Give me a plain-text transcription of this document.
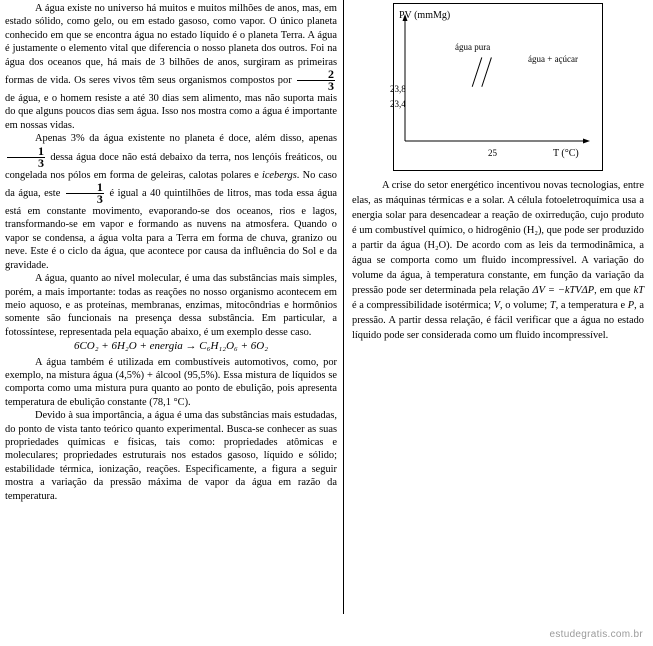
A água existe no universo há muitos e muitos milhões de anos, mas, em estado sólido, como gelo, ou em estado gasoso, como vapor. O único planeta conhecido em que se encontra água no estado líquido é o planeta Terra. A água é justamente o elemento vital que diferencia o nosso planeta dos outros. Foi na água dos oceanos que, há mais de 3 bilhões de anos, surgiram as primeiras formas de vida. Os seres vivos têm seus organismos compostos por $\frac{2}{3}$
de água, e o homem resiste a até 30 dias sem alimento, mas não suporta mais do que alguns poucos dias sem água. Isso nos mostra como a água é importante em nossas vidas.

Apenas 3% da água existente no planeta é doce, além disso, apenas
$\frac{1}{3}$ dessa água doce não está debaixo da terra, nos lençóis freáticos, ou congelada nos pólos em forma de geleiras, calotas polares e icebergs. No caso da água, este $\frac{1}{3}$ é igual a 40 quintilhões de litros, mas toda essa água está em constante movimento, evaporando-se dos oceanos, rios e lagos, transformando-se em vapor e formando as nuvens na atmosfera. Quando o vapor se condensa, a água volta para a Terra em forma de chuva, granizo ou neve. Este é o ciclo da água, que acontece por causa da influência do Sol e da gravidade.

A água, quanto ao nível molecular, é uma das substâncias mais simples, porém, a mais importante: todas as reações no nosso organismo acontecem em meio aquoso, e as proteínas, membranas, enzimas, mitocôndrias e hormônios somente são funcionais na presença dessa substância. Em particular, a fotossíntese, representada pela equação abaixo, é um exemplo desse caso.

6CO₂ + 6H₂O + energia → C₆H₁₂O₆ + 6O₂

A água também é utilizada em combustíveis automotivos, como, por exemplo, na mistura água (4,5%) + álcool (95,5%). Essa mistura de líquidos se comporta como uma mistura pura quanto ao ponto de ebulição, pois apresenta temperatura de ebulição constante (78,1 °C).

Devido à sua importância, a água é uma das substâncias mais estudadas, do ponto de vista tanto teórico quanto experimental. Busca-se conhecer as suas propriedades químicas e físicas, tais como: propriedades atômicas e moleculares; propriedades estruturais nos estados gasoso, líquido e sólido; estabilidade térmica, ionização, reações. Especificamente, a figura a seguir mostra a variação da pressão máxima de vapor da água em razão da temperatura.

PV (mmMg)
T (°C)
23,8
23,4
25
água pura
água + açúcar

A crise do setor energético incentivou novas tecnologias, entre elas, as máquinas térmicas e a solar. A célula fotoeletroquímica usa a energia solar para desencadear a reação de oxirredução, cujo produto é um combustível químico, o hidrogênio (H₂), que pode ser produzido a partir da água (H₂O). De acordo com as leis da termodinâmica, a água se comporta como um fluido incompressível. A variação do volume da água, à temperatura constante, em função da variação da pressão pode ser determinada pela relação ΔV = −kTVΔP, em que kT é a compressibilidade isotérmica; V, o volume; T, a temperatura e P, a pressão. A partir dessa relação, é fácil verificar que a água no estado líquido pode ser considerada como um fluido incompressível.

estudegratis.com.br
